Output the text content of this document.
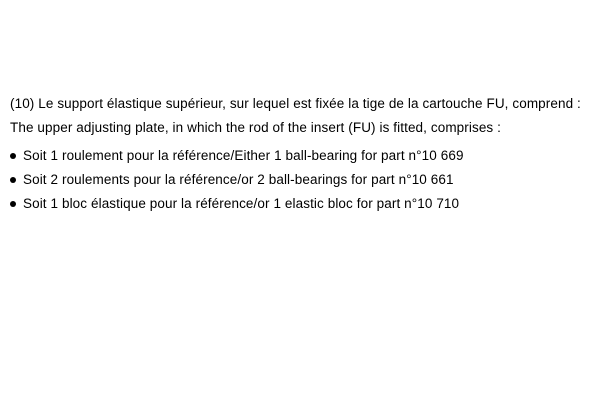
(10) Le support élastique supérieur, sur lequel est fixée la tige de la cartouche FU, comprend :

The upper adjusting plate, in which the rod of the insert (FU) is fitted, comprises :

Soit 1 roulement pour la référence/Either 1 ball-bearing for part n°10 669
Soit 2 roulements pour la référence/or 2 ball-bearings for part n°10 661
Soit 1 bloc élastique pour la référence/or 1 elastic bloc for part n°10 710
